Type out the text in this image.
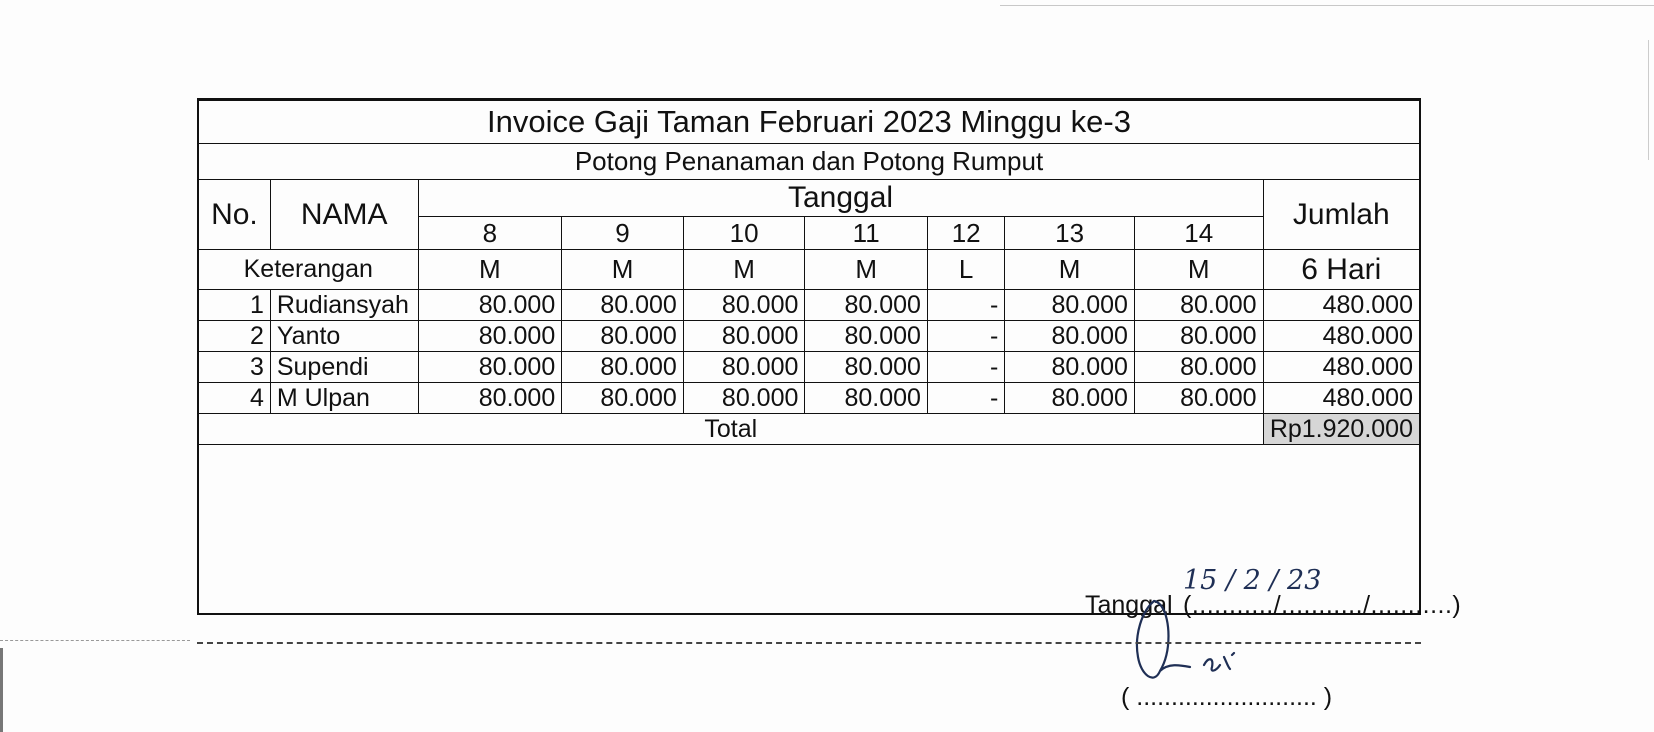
Invoice Gaji Taman Februari 2023 Minggu ke-3									
Potong Penanaman dan Potong Rumput									
No.	NAMA	Tanggal							Jumlah
		8	9	10	11	12	13	14	
Keterangan		M	M	M	M	L	M	M	6 Hari
1	Rudiansyah	80.000	80.000	80.000	80.000	-	80.000	80.000	480.000
2	Yanto	80.000	80.000	80.000	80.000	-	80.000	80.000	480.000
3	Supendi	80.000	80.000	80.000	80.000	-	80.000	80.000	480.000
4	M Ulpan	80.000	80.000	80.000	80.000	-	80.000	80.000	480.000
Total									Rp1.920.000
15 / 2 / 23
Tanggal (.........../.........../...........)
( .......................... )
